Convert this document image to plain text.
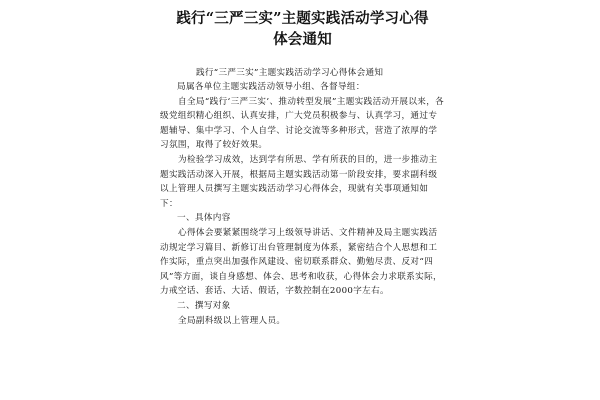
践行“三严三实”主题实践活动学习心得
体会通知
践行“三严三实”主题实践活动学习心得体会通知

局属各单位主题实践活动领导小组、各督导组：

自全局“践行‘三严三实’、推动转型发展”主题实践活动开展以来，各级党组织精心组织、认真安排，广大党员积极参与、认真学习，通过专题辅导、集中学习、个人自学、讨论交流等多种形式，营造了浓厚的学习氛围，取得了较好效果。

为检验学习成效，达到学有所思、学有所获的目的，进一步推动主题实践活动深入开展，根据局主题实践活动第一阶段安排，要求副科级以上管理人员撰写主题实践活动学习心得体会，现就有关事项通知如下：

一、具体内容

心得体会要紧紧围绕学习上级领导讲话、文件精神及局主题实践活动规定学习篇目、新修订出台管理制度为体系，紧密结合个人思想和工作实际，重点突出加强作风建设、密切联系群众、勤勉尽责、反对“四风”等方面，谈自身感想、体会、思考和收获，心得体会力求联系实际，力戒空话、套话、大话、假话，字数控制在2000字左右。

二、撰写对象

全局副科级以上管理人员。
